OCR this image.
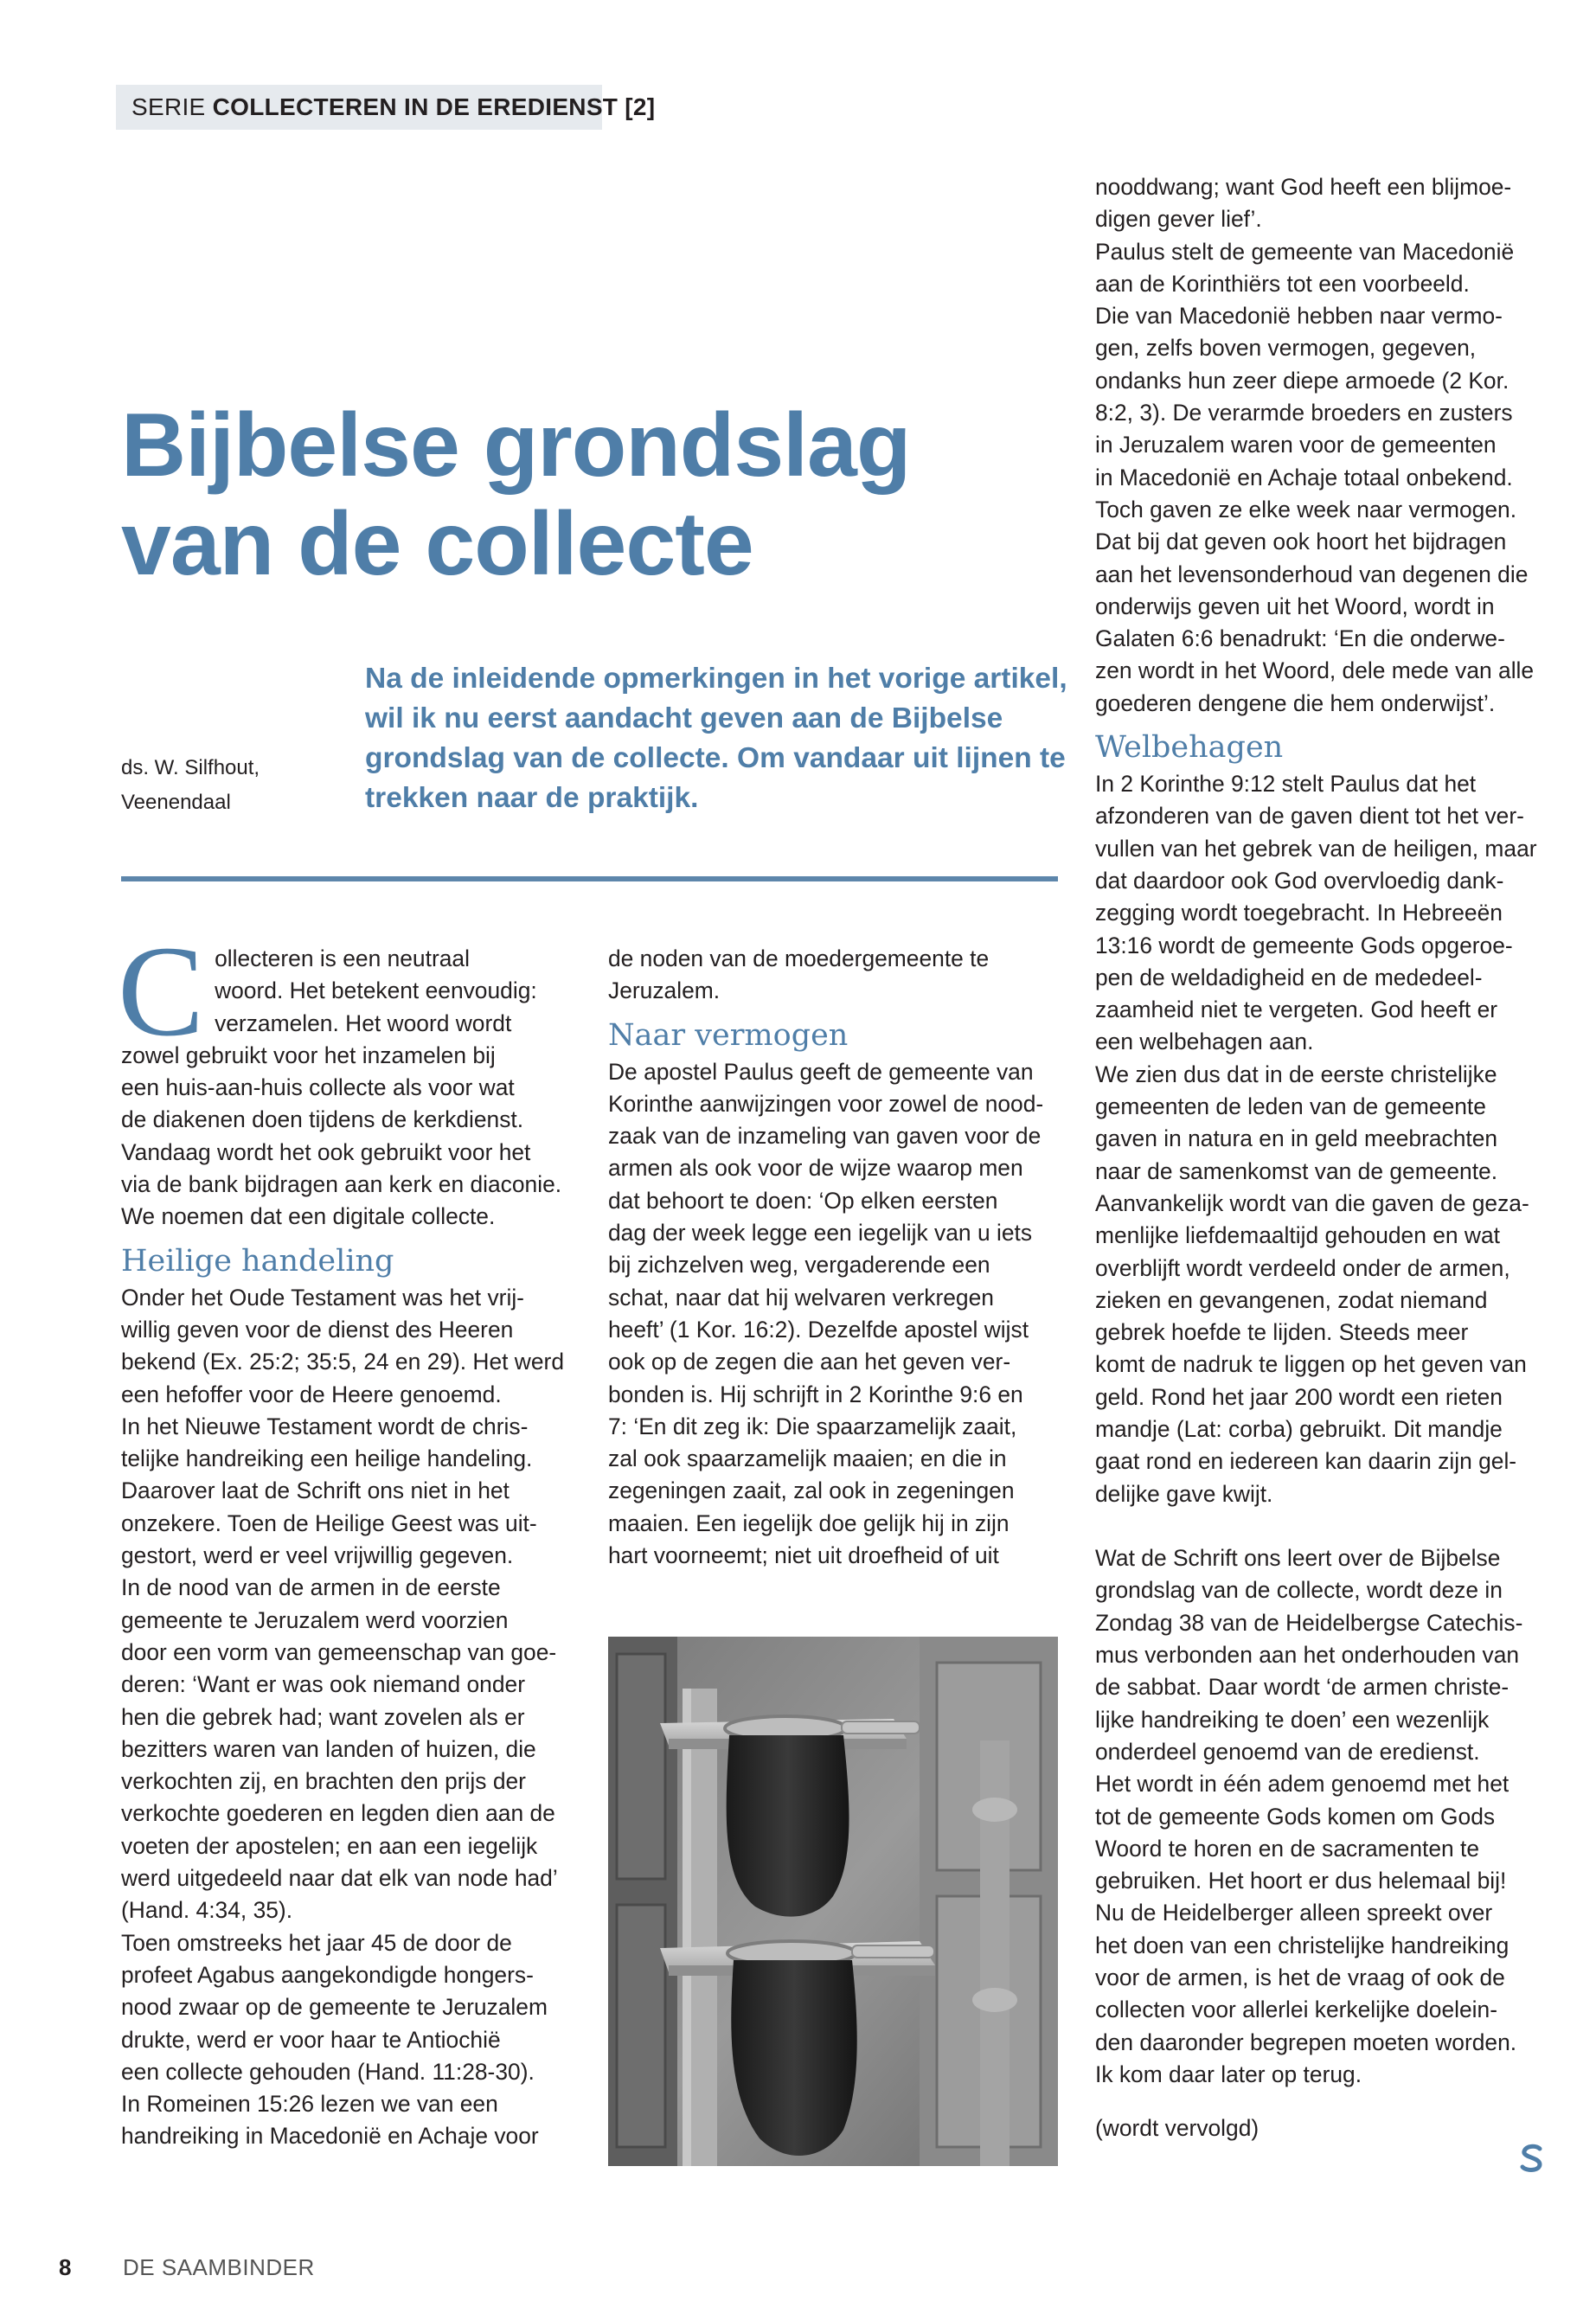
SERIE COLLECTEREN IN DE EREDIENST [2]
Bijbelse grondslag
van de collecte
ds. W. Silfhout,
Veenendaal

Na de inleidende opmerkingen in het vorige artikel,
wil ik nu eerst aandacht geven aan de Bijbelse
grondslag van de collecte. Om vandaar uit lijnen te
trekken naar de praktijk.

C ollecteren is een neutraal
woord. Het betekent eenvoudig:
verzamelen. Het woord wordt
zowel gebruikt voor het inzamelen bij
een huis-aan-huis collecte als voor wat
de diakenen doen tijdens de kerkdienst.
Vandaag wordt het ook gebruikt voor het
via de bank bijdragen aan kerk en diaconie.
We noemen dat een digitale collecte.
Heilige handeling
Onder het Oude Testament was het vrij-
willig geven voor de dienst des Heeren
bekend (Ex. 25:2; 35:5, 24 en 29). Het werd
een hefoffer voor de Heere genoemd.
In het Nieuwe Testament wordt de chris-
telijke handreiking een heilige handeling.
Daarover laat de Schrift ons niet in het
onzekere. Toen de Heilige Geest was uit-
gestort, werd er veel vrijwillig gegeven.
In de nood van de armen in de eerste
gemeente te Jeruzalem werd voorzien
door een vorm van gemeenschap van goe-
deren: ‘Want er was ook niemand onder
hen die gebrek had; want zovelen als er
bezitters waren van landen of huizen, die
verkochten zij, en brachten den prijs der
verkochte goederen en legden dien aan de
voeten der apostelen; en aan een iegelijk
werd uitgedeeld naar dat elk van node had’
(Hand. 4:34, 35).
Toen omstreeks het jaar 45 de door de
profeet Agabus aangekondigde hongers-
nood zwaar op de gemeente te Jeruzalem
drukte, werd er voor haar te Antiochië
een collecte gehouden (Hand. 11:28-30).
In Romeinen 15:26 lezen we van een
handreiking in Macedonië en Achaje voor
de noden van de moedergemeente te
Jeruzalem.
Naar vermogen
De apostel Paulus geeft de gemeente van
Korinthe aanwijzingen voor zowel de nood-
zaak van de inzameling van gaven voor de
armen als ook voor de wijze waarop men
dat behoort te doen: ‘Op elken eersten
dag der week legge een iegelijk van u iets
bij zichzelven weg, vergaderende een
schat, naar dat hij welvaren verkregen
heeft’ (1 Kor. 16:2). Dezelfde apostel wijst
ook op de zegen die aan het geven ver-
bonden is. Hij schrijft in 2 Korinthe 9:6 en
7: ‘En dit zeg ik: Die spaarzamelijk zaait,
zal ook spaarzamelijk maaien; en die in
zegeningen zaait, zal ook in zegeningen
maaien. Een iegelijk doe gelijk hij in zijn
hart voorneemt; niet uit droefheid of uit
nooddwang; want God heeft een blijmoe-
digen gever lief’.
Paulus stelt de gemeente van Macedonië
aan de Korinthiërs tot een voorbeeld.
Die van Macedonië hebben naar vermo-
gen, zelfs boven vermogen, gegeven,
ondanks hun zeer diepe armoede (2 Kor.
8:2, 3). De verarmde broeders en zusters
in Jeruzalem waren voor de gemeenten
in Macedonië en Achaje totaal onbekend.
Toch gaven ze elke week naar vermogen.
Dat bij dat geven ook hoort het bijdragen
aan het levensonderhoud van degenen die
onderwijs geven uit het Woord, wordt in
Galaten 6:6 benadrukt: ‘En die onderwe-
zen wordt in het Woord, dele mede van alle
goederen dengene die hem onderwijst’.
Welbehagen
In 2 Korinthe 9:12 stelt Paulus dat het
afzonderen van de gaven dient tot het ver-
vullen van het gebrek van de heiligen, maar
dat daardoor ook God overvloedig dank-
zegging wordt toegebracht. In Hebreeën
13:16 wordt de gemeente Gods opgeroe-
pen de weldadigheid en de mededeel-
zaamheid niet te vergeten. God heeft er
een welbehagen aan.
We zien dus dat in de eerste christelijke
gemeenten de leden van de gemeente
gaven in natura en in geld meebrachten
naar de samenkomst van de gemeente.
Aanvankelijk wordt van die gaven de geza-
menlijke liefdemaaltijd gehouden en wat
overblijft wordt verdeeld onder de armen,
zieken en gevangenen, zodat niemand
gebrek hoefde te lijden. Steeds meer
komt de nadruk te liggen op het geven van
geld. Rond het jaar 200 wordt een rieten
mandje (Lat: corba) gebruikt. Dit mandje
gaat rond en iedereen kan daarin zijn gel-
delijke gave kwijt.
Wat de Schrift ons leert over de Bijbelse
grondslag van de collecte, wordt deze in
Zondag 38 van de Heidelbergse Catechis-
mus verbonden aan het onderhouden van
de sabbat. Daar wordt ‘de armen christe-
lijke handreiking te doen’ een wezenlijk
onderdeel genoemd van de eredienst.
Het wordt in één adem genoemd met het
tot de gemeente Gods komen om Gods
Woord te horen en de sacramenten te
gebruiken. Het hoort er dus helemaal bij!
Nu de Heidelberger alleen spreekt over
het doen van een christelijke handreiking
voor de armen, is het de vraag of ook de
collecten voor allerlei kerkelijke doelein-
den daaronder begrepen moeten worden.
Ik kom daar later op terug.
(wordt vervolgd)
8 DE SAAMBINDER
